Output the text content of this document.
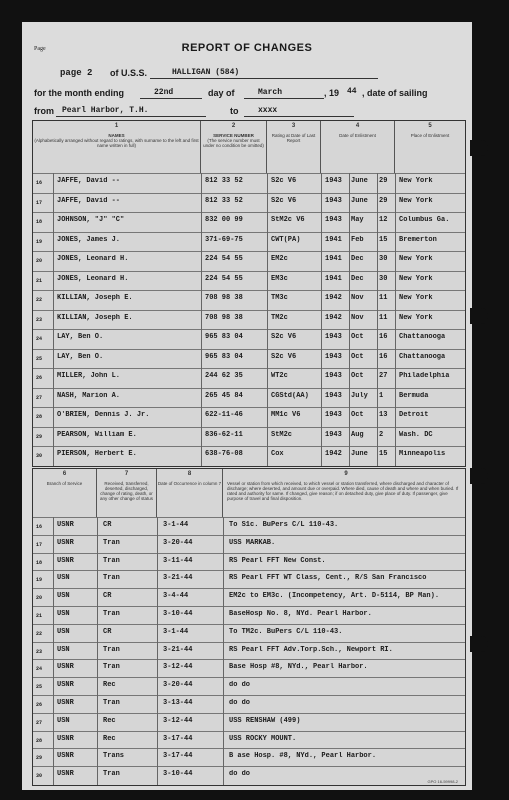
Page	REPORT OF CHANGES
page 2 of U.S.S.	HALLIGAN (584)
for the month ending	22nd	day of	March	, 19 44 , date of sailing
from Pearl Harbor, T.H.	to xxxx
1
NAMES
(Alphabetically arranged without regard to ratings, with surname to the left and first name written in full)
2
SERVICE NUMBER
(The service number must under no condition be omitted)
3
Rating at Date of Last Report
4
Date of Enlistment
5
Place of Enlistment
16	JAFFE, David --	812 33 52	S2c V6	1943	June	29	New York
17	JAFFE, David --	812 33 52	S2c V6	1943	June	29	New York
18	JOHNSON, "J" "C"	832 00 99	StM2c V6	1943	May	12	Columbus Ga.
19	JONES, James J.	371-69-75	CWT(PA)	1941	Feb	15	Bremerton
20	JONES, Leonard H.	224 54 55	EM2c	1941	Dec	30	New York
21	JONES, Leonard H.	224 54 55	EM3c	1941	Dec	30	New York
22	KILLIAN, Joseph E.	708 98 38	TM3c	1942	Nov	11	New York
23	KILLIAN, Joseph E.	708 98 38	TM2c	1942	Nov	11	New York
24	LAY, Ben O.	965 83 04	S2c V6	1943	Oct	16	Chattanooga
25	LAY, Ben O.	965 83 04	S2c V6	1943	Oct	16	Chattanooga
26	MILLER, John L.	244 62 35	WT2c	1943	Oct	27	Philadelphia
27	NASH, Marion A.	265 45 84	CGStd(AA)	1943	July	1	Bermuda
28	O'BRIEN, Dennis J. Jr.	622-11-46	MM1c V6	1943	Oct	13	Detroit
29	PEARSON, William E.	836-62-11	StM2c	1943	Aug	2	Wash. DC
30	PIERSON, Herbert E.	638-76-08	Cox	1942	June	15	Minneapolis
6
Branch of Service
7
Received, transferred, deserted, discharged, change of rating, death, or any other change of status
8
Date of Occurrence in column 7
9
Vessel or station from which received, to which vessel or station transferred, where discharged and character of discharge; where deserted, and amount due or overpaid. Where died, cause of death and where and when buried. If rated and authority for same. If changed, give reason; if on detached duty, give place of duty. If passenger, give purpose of travel and final disposition.
16	USNR	CR	3-1-44	To S1c. BuPers C/L 110-43.
17	USNR	Tran	3-20-44	USS MARKAB.
18	USNR	Tran	3-11-44	RS Pearl FFT New Const.
19	USN	Tran	3-21-44	RS Pearl FFT WT Class, Cent., R/S San Francisco
20	USN	CR	3-4-44	EM2c to EM3c. (Incompetency, Art. D-5114, BP Man).
21	USN	Tran	3-10-44	BaseHosp No. 8, NYd. Pearl Harbor.
22	USN	CR	3-1-44	To TM2c. BuPers C/L 110-43.
23	USN	Tran	3-21-44	RS Pearl FFT Adv.Torp.Sch., Newport RI.
24	USNR	Tran	3-12-44	Base Hosp #8, NYd., Pearl Harbor.
25	USNR	Rec	3-20-44	do do
26	USNR	Tran	3-13-44	do do
27	USN	Rec	3-12-44	USS RENSHAW (499)
28	USNR	Rec	3-17-44	USS ROCKY MOUNT.
29	USNR	Trans	3-17-44	B ase Hosp. #8, NYd., Pearl Harbor.
30	USNR	Tran	3-10-44	do do
GPO 16-59998-2
